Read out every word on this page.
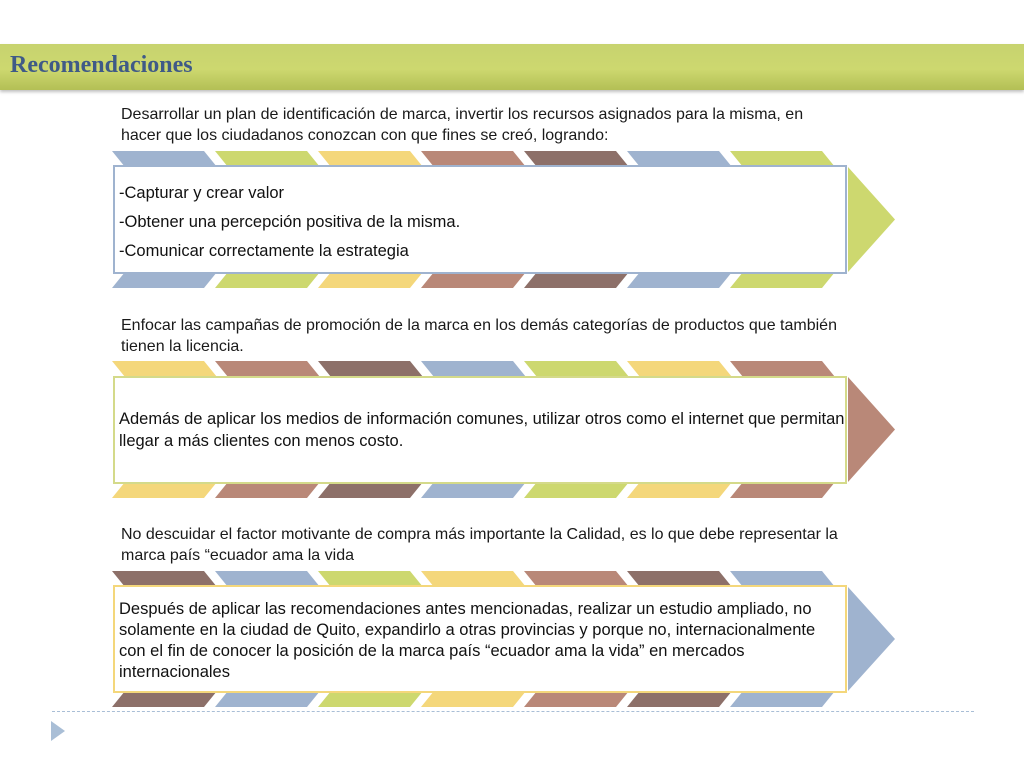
Recomendaciones
Desarrollar un plan de identificación de marca, invertir los recursos asignados para la misma, en hacer que los ciudadanos conozcan con que fines se creó, logrando:

-Capturar y crear valor

-Obtener una percepción positiva de la misma.

-Comunicar correctamente la estrategia

Enfocar las campañas de promoción de la marca en los demás categorías de productos que también tienen la licencia.

Además de aplicar los medios de información comunes, utilizar otros como el internet que permitan llegar a más clientes con menos costo.

No descuidar el factor motivante de compra más importante la Calidad, es lo que debe representar la marca país “ecuador ama la vida

Después de aplicar las recomendaciones antes mencionadas, realizar un estudio ampliado, no solamente en la ciudad de Quito, expandirlo a otras provincias y porque no, internacionalmente con el fin de conocer la posición de la marca país “ecuador ama la vida” en mercados internacionales
